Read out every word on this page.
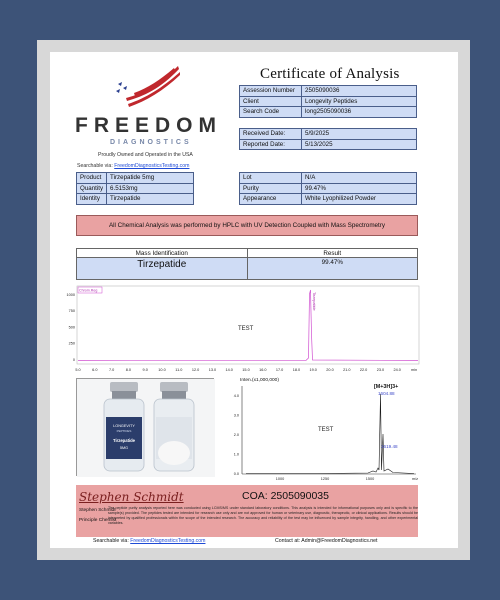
FREEDOM
DIAGNOSTICS
Proudly Owned and Operated in the USA
Searchable via: FreedomDiagnosticsTesting.com
Certificate of Analysis
Assession Number	2505090036
Client	Longevity Peptides
Search Code	long2505090036
Received Date:	5/9/2025
Reported Date:	5/13/2025
Product	Tirzepatide 5mg
Quantity	6.5153mg
Identity	Tirzepatide
Lot	N/A
Purity	99.47%
Appearance	White Lyophilized Powder
All Chemical Analysis was performed by HPLC with UV Detection Coupled with Mass Spectrometry
Mass Identification	Result
Tirzepatide	99.47%
Chrom.Reg
1000
750
500
250
0
5.0	6.0	7.0	8.0	9.0	10.0	11.0	12.0 13.0 14.0 15.0 16.0 17.0 18.0 19.0 20.0 21.0 22.0 23.0 24.0	min
TEST
Tirzepatide
LONGEVITY
PEPTIDES
Tirzepatide
5MG
Inten.(x1,000,000)
4.0
3.0
2.0
1.0
0.0
1000	1250	1500	m/z
TEST
[M+3H]3+
1604.88
1619.48
Stephen Schmidt	COA: 2505090035
Stephen Schmidt
Principle Chemist
The peptide purity analysis reported here was conducted using LCMS/MS under standard laboratory conditions. This analysis is intended for informational purposes only and is specific to the sample(s) provided. The peptides tested are intended for research use only and are not approved for human or veterinary use, diagnostic, therapeutic, or clinical applications. Results should be interpreted by qualified professionals within the scope of the intended research. The accuracy and reliability of the test may be influenced by sample integrity, handling, and other experimental variables.
Searchable via: FreedomDiagnosticsTesting.com	Contact at: Admin@FreedomDiagnostics.net
